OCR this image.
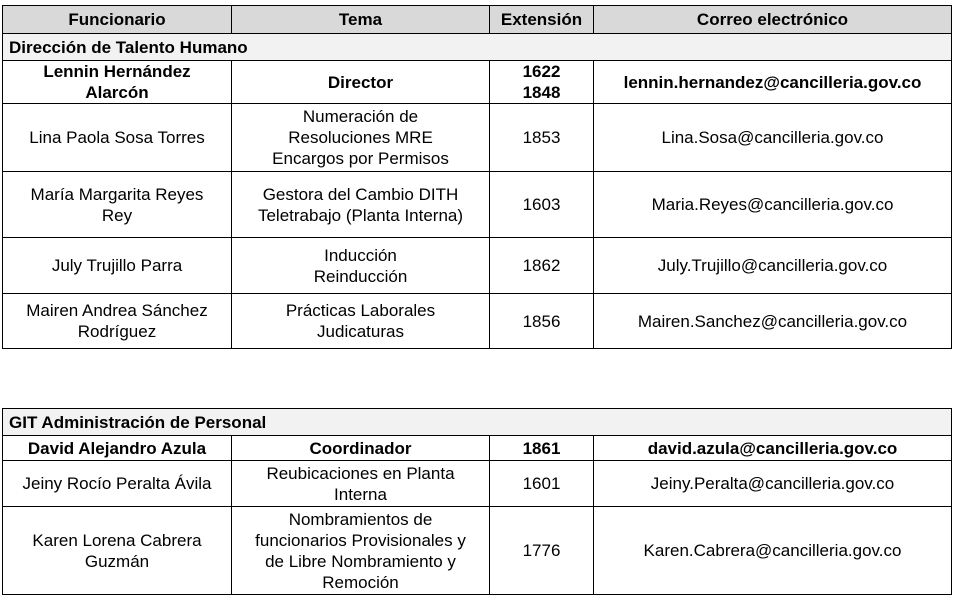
Funcionario	Tema	Extensión	Correo electrónico
Dirección de Talento Humano			

Lennin Hernández
Alarcón	Director	1622
1848	lennin.hernandez@cancilleria.gov.co

Lina Paola Sosa Torres	Numeración de
Resoluciones MRE
Encargos por Permisos	1853	Lina.Sosa@cancilleria.gov.co

María Margarita Reyes
Rey	Gestora del Cambio DITH
Teletrabajo (Planta Interna)	1603	Maria.Reyes@cancilleria.gov.co

July Trujillo Parra	Inducción
Reinducción	1862	July.Trujillo@cancilleria.gov.co

Mairen Andrea Sánchez
Rodríguez	Prácticas Laborales
Judicaturas	1856	Mairen.Sanchez@cancilleria.gov.co
GIT Administración de Personal			

David Alejandro Azula	Coordinador	1861	david.azula@cancilleria.gov.co

Jeiny Rocío Peralta Ávila	Reubicaciones en Planta
Interna	1601	Jeiny.Peralta@cancilleria.gov.co

Karen Lorena Cabrera
Guzmán	Nombramientos de
funcionarios Provisionales y
de Libre Nombramiento y
Remoción	1776	Karen.Cabrera@cancilleria.gov.co
